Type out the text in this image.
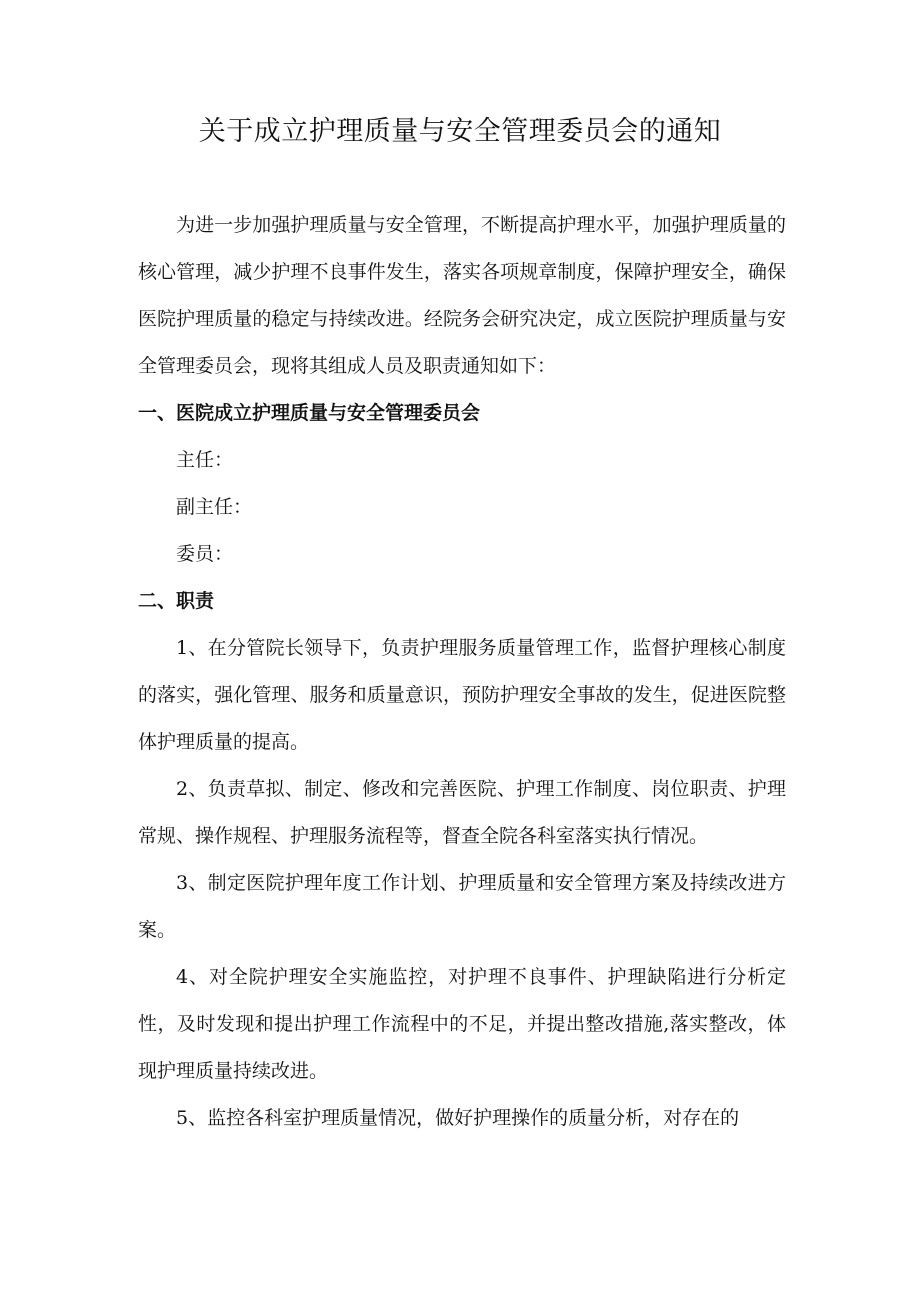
关于成立护理质量与安全管理委员会的通知

为进一步加强护理质量与安全管理，不断提高护理水平，加强护理质量的核心管理，减少护理不良事件发生，落实各项规章制度，保障护理安全，确保医院护理质量的稳定与持续改进。经院务会研究决定，成立医院护理质量与安全管理委员会，现将其组成人员及职责通知如下：

一、医院成立护理质量与安全管理委员会

主任：

副主任：

委员：

二、职责

1、在分管院长领导下，负责护理服务质量管理工作，监督护理核心制度的落实，强化管理、服务和质量意识，预防护理安全事故的发生，促进医院整体护理质量的提高。

2、负责草拟、制定、修改和完善医院、护理工作制度、岗位职责、护理常规、操作规程、护理服务流程等，督查全院各科室落实执行情况。

3、制定医院护理年度工作计划、护理质量和安全管理方案及持续改进方案。

4、对全院护理安全实施监控，对护理不良事件、护理缺陷进行分析定性，及时发现和提出护理工作流程中的不足，并提出整改措施,落实整改，体现护理质量持续改进。

5、监控各科室护理质量情况，做好护理操作的质量分析，对存在的
